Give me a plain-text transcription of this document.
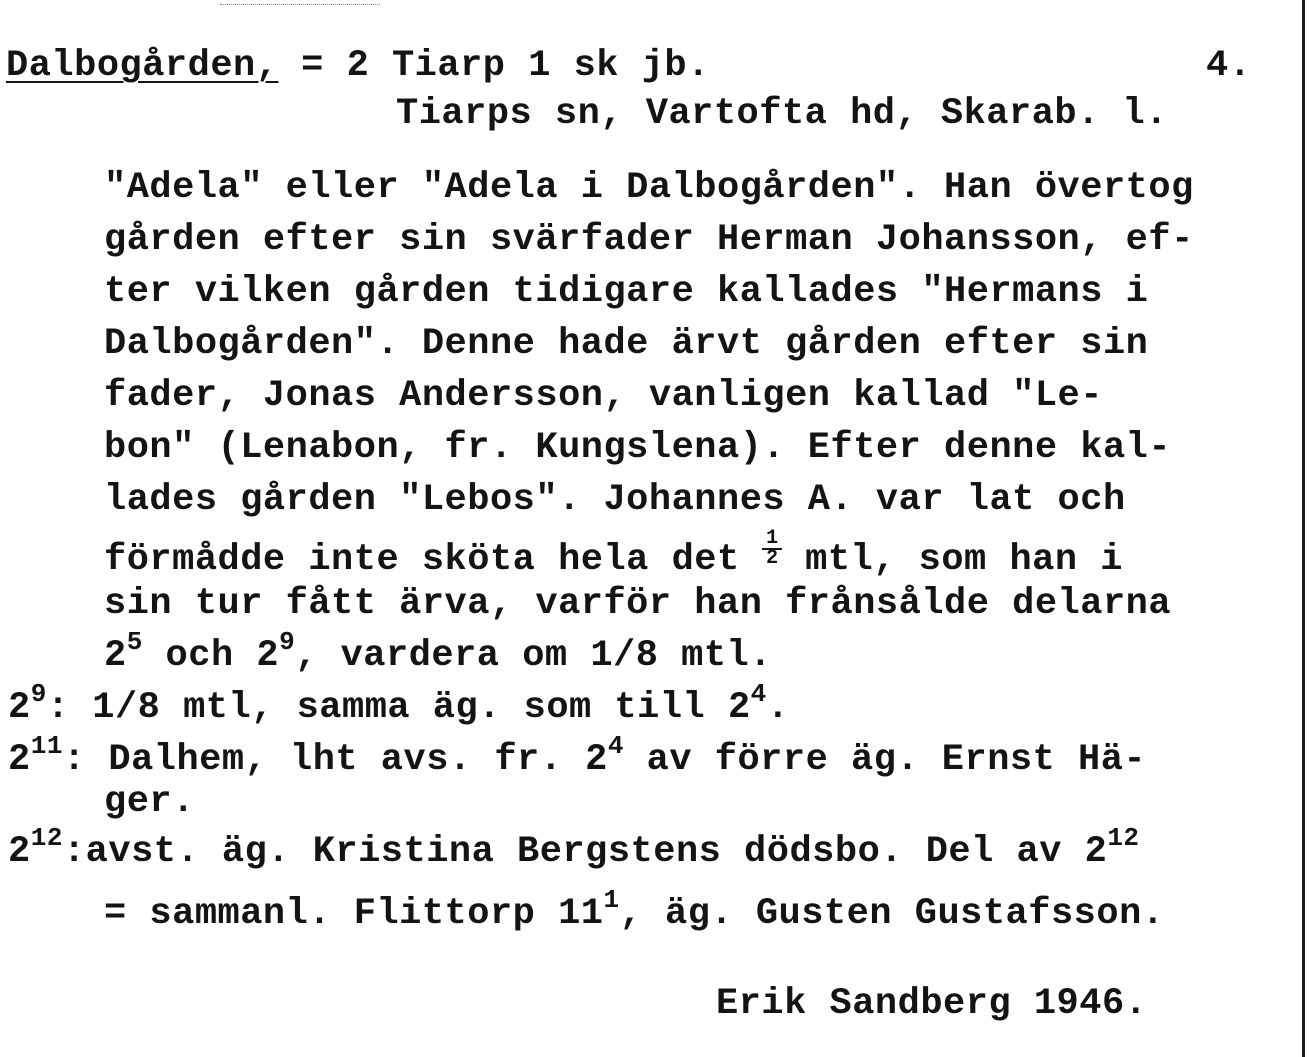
Dalbogården, = 2 Tiarp 1 sk jb.	4.
Tiarps sn, Vartofta hd, Skarab. l.
"Adela" eller "Adela i Dalbogården". Han övertog
gården efter sin svärfader Herman Johansson, ef-
ter vilken gården tidigare kallades "Hermans i
Dalbogården". Denne hade ärvt gården efter sin
fader, Jonas Andersson, vanligen kallad "Le-
bon" (Lenabon, fr. Kungslena). Efter denne kal-
lades gården "Lebos". Johannes A. var lat och
förmådde inte sköta hela $\det \frac{1}{2}$ mtl, som han i
sin tur fått ärva, varför han frånsålde delarna
$2^5$ och $2^9$, vardera om 1/8 mtl.
$2^9$: 1/8 mtl, samma äg. som till $2^4$.
$2^{11}$: Dalhem, lht avs. fr. $2^4$ av förre äg. Ernst Hä-
ger.
$2^{12}:avst$. äg. Kristina Bergstens dödsbo. Del av $2^{12}$
= sammanl. Flittorp $11^1$, äg. Gusten Gustafsson.
Erik Sandberg 1946.
